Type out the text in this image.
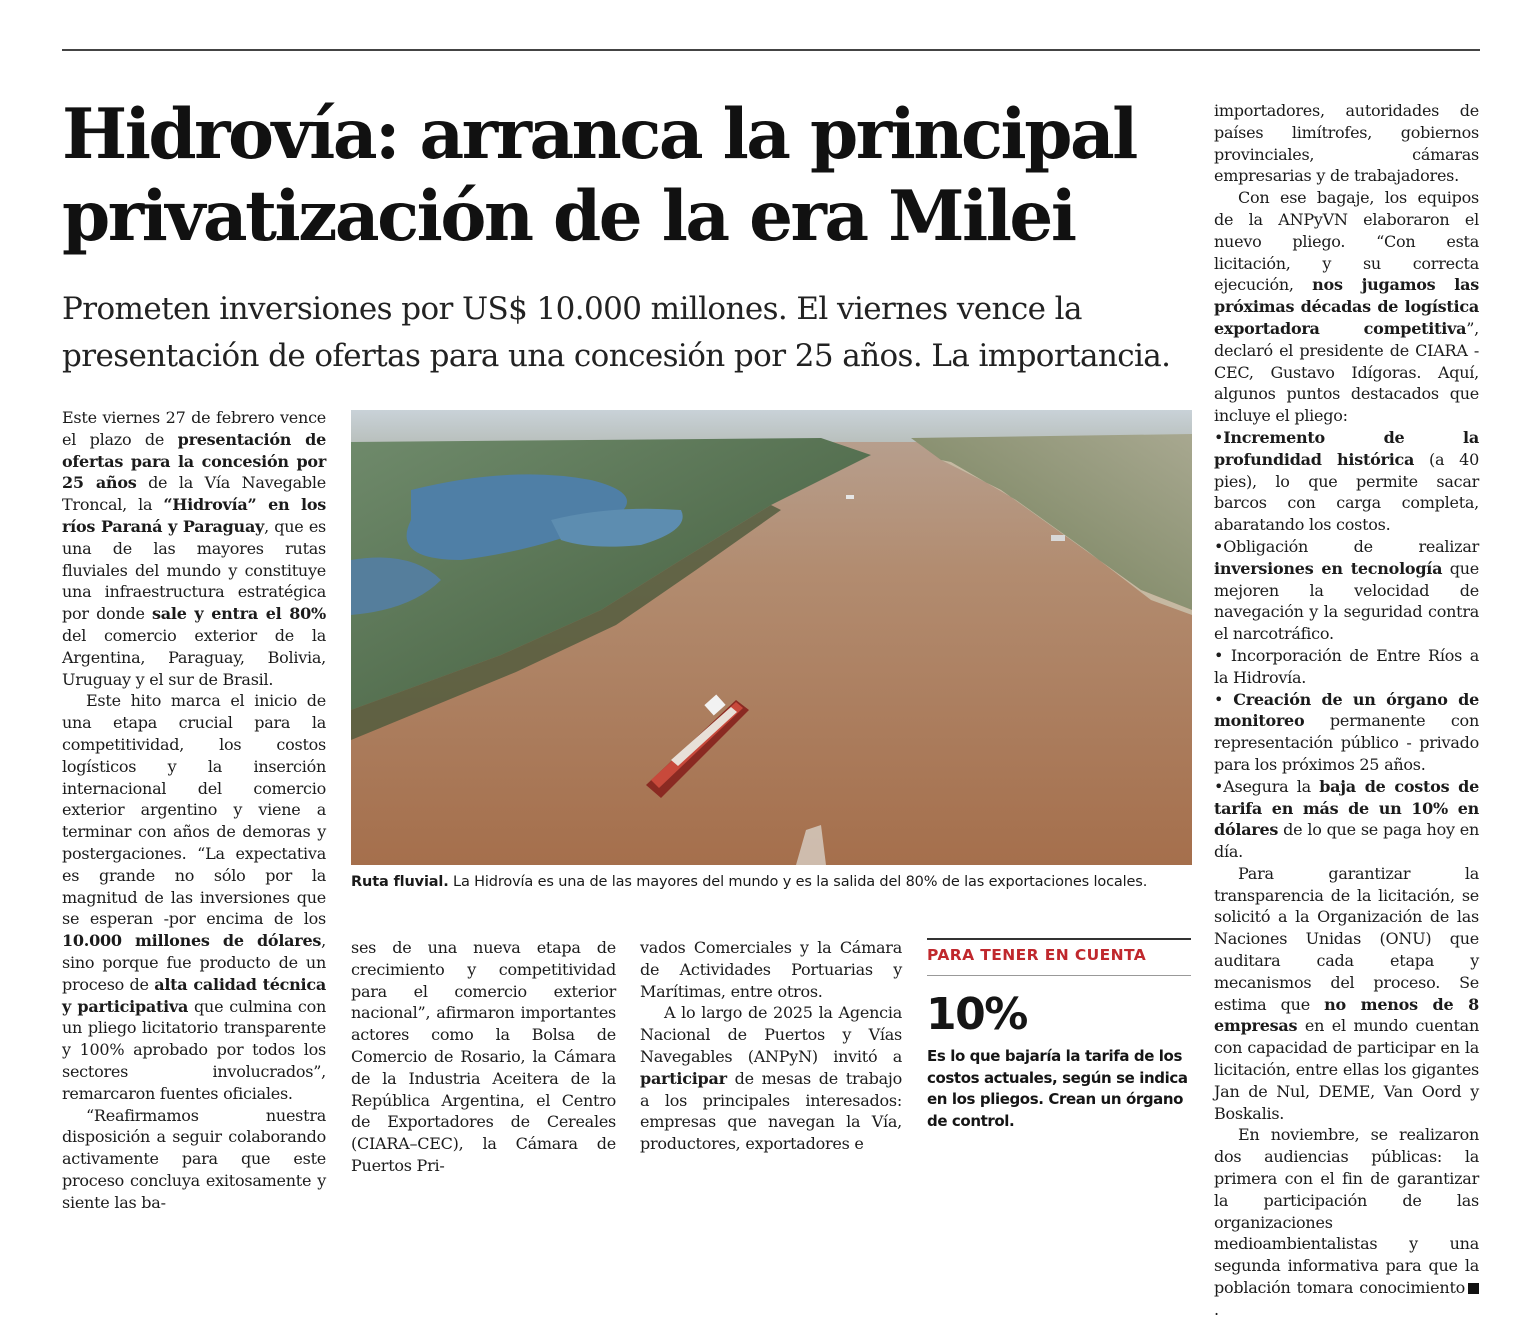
Hidrovía: arranca la principal privatización de la era Milei

Prometen inversiones por US$ 10.000 millones. El viernes vence la presentación de ofertas para una concesión por 25 años. La importancia.

Este viernes 27 de febrero vence el plazo de presentación de ofertas para la concesión por 25 años de la Vía Navegable Troncal, la “Hidrovía” en los ríos Paraná y Paraguay, que es una de las mayores rutas fluviales del mundo y constituye una infraestructura estratégica por donde sale y entra el 80% del comercio exterior de la Argentina, Paraguay, Bolivia, Uruguay y el sur de Brasil.

Este hito marca el inicio de una etapa crucial para la competitividad, los costos logísticos y la inserción internacional del comercio exterior argentino y viene a terminar con años de demoras y postergaciones. “La expectativa es grande no sólo por la magnitud de las inversiones que se esperan -por encima de los 10.000 millones de dólares, sino porque fue producto de un proceso de alta calidad técnica y participativa que culmina con un pliego licitatorio transparente y 100% aprobado por todos los sectores involucrados”, remarcaron fuentes oficiales.

“Reafirmamos nuestra disposición a seguir colaborando activamente para que este proceso concluya exitosamente y siente las ba-

Ruta fluvial. La Hidrovía es una de las mayores del mundo y es la salida del 80% de las exportaciones locales.

ses de una nueva etapa de crecimiento y competitividad para el comercio exterior nacional”, afirmaron importantes actores como la Bolsa de Comercio de Rosario, la Cámara de la Industria Aceitera de la República Argentina, el Centro de Exportadores de Cereales (CIARA–CEC), la Cámara de Puertos Pri-

vados Comerciales y la Cámara de Actividades Portuarias y Marítimas, entre otros.

A lo largo de 2025 la Agencia Nacional de Puertos y Vías Navegables (ANPyN) invitó a participar de mesas de trabajo a los principales interesados: empresas que navegan la Vía, productores, exportadores e

PARA TENER EN CUENTA

10%

Es lo que bajaría la tarifa de los costos actuales, según se indica en los pliegos. Crean un órgano de control.

importadores, autoridades de países limítrofes, gobiernos provinciales, cámaras empresarias y de trabajadores.

Con ese bagaje, los equipos de la ANPyVN elaboraron el nuevo pliego. “Con esta licitación, y su correcta ejecución, nos jugamos las próximas décadas de logística exportadora competitiva”, declaró el presidente de CIARA - CEC, Gustavo Idígoras. Aquí, algunos puntos destacados que incluye el pliego:

•Incremento de la profundidad histórica (a 40 pies), lo que permite sacar barcos con carga completa, abaratando los costos.

•Obligación de realizar inversiones en tecnología que mejoren la velocidad de navegación y la seguridad contra el narcotráfico.

• Incorporación de Entre Ríos a la Hidrovía.

• Creación de un órgano de monitoreo permanente con representación público - privado para los próximos 25 años.

•Asegura la baja de costos de tarifa en más de un 10% en dólares de lo que se paga hoy en día.

Para garantizar la transparencia de la licitación, se solicitó a la Organización de las Naciones Unidas (ONU) que auditara cada etapa y mecanismos del proceso. Se estima que no menos de 8 empresas en el mundo cuentan con capacidad de participar en la licitación, entre ellas los gigantes Jan de Nul, DEME, Van Oord y Boskalis.

En noviembre, se realizaron dos audiencias públicas: la primera con el fin de garantizar la participación de las organizaciones medioambientalistas y una segunda informativa para que la población tomara conocimiento.
